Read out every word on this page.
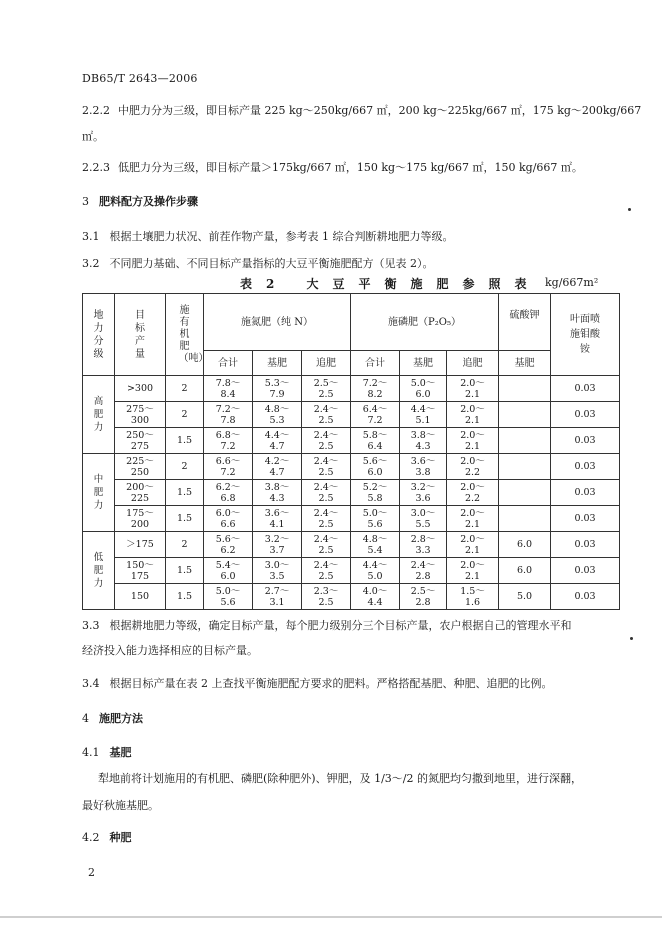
DB65/T 2643—2006
2.2.2 中肥力分为三级，即目标产量 225 kg～250kg/667 ㎡，200 kg～225kg/667 ㎡，175 kg～200kg/667
㎡。
2.2.3 低肥力分为三级，即目标产量＞175kg/667 ㎡，150 kg～175 kg/667 ㎡，150 kg/667 ㎡。
3 肥料配方及操作步骤
3.1 根据土壤肥力状况、前茬作物产量，参考表 1 综合判断耕地肥力等级。
3.2 不同肥力基础、不同目标产量指标的大豆平衡施肥配方（见表 2）。
表2 大豆平衡施肥参照表 kg/667m²
地力分级	目标产量	施有机肥（吨）	施氮肥（纯 N）			施磷肥（P₂O₅）			硫酸钾	叶面喷施钼酸铵
			合计	基肥	追肥	合计	基肥	追肥	基肥	
高肥力	>300	2	7.8～
8.4	5.3～
7.9	2.5～
2.5	7.2～
8.2	5.0～
6.0	2.0～
2.1		0.03
	275～
300	2	7.2～
7.8	4.8～
5.3	2.4～
2.5	6.4～
7.2	4.4～
5.1	2.0～
2.1		0.03
	250～
275	1.5	6.8～
7.2	4.4～
4.7	2.4～
2.5	5.8～
6.4	3.8～
4.3	2.0～
2.1		0.03
中肥力	225～
250	2	6.6～
7.2	4.2～
4.7	2.4～
2.5	5.6～
6.0	3.6～
3.8	2.0～
2.2		0.03
	200～
225	1.5	6.2～
6.8	3.8～
4.3	2.4～
2.5	5.2～
5.8	3.2～
3.6	2.0～
2.2		0.03
	175～
200	1.5	6.0～
6.6	3.6～
4.1	2.4～
2.5	5.0～
5.6	3.0～
5.5	2.0～
2.1		0.03
低肥力	＞175	2	5.6～
6.2	3.2～
3.7	2.4～
2.5	4.8～
5.4	2.8～
3.3	2.0～
2.1	6.0	0.03
	150～
175	1.5	5.4～
6.0	3.0～
3.5	2.4～
2.5	4.4～
5.0	2.4～
2.8	2.0～
2.1	6.0	0.03
	150	1.5	5.0～
5.6	2.7～
3.1	2.3～
2.5	4.0～
4.4	2.5～
2.8	1.5～
1.6	5.0	0.03
3.3 根据耕地肥力等级，确定目标产量，每个肥力级别分三个目标产量，农户根据自己的管理水平和
经济投入能力选择相应的目标产量。
3.4 根据目标产量在表 2 上查找平衡施肥配方要求的肥料。严格搭配基肥、种肥、追肥的比例。
4 施肥方法
4.1 基肥
犁地前将计划施用的有机肥、磷肥(除种肥外)、钾肥，及 1/3～/2 的氮肥均匀撒到地里，进行深翻，
最好秋施基肥。
4.2 种肥
2
